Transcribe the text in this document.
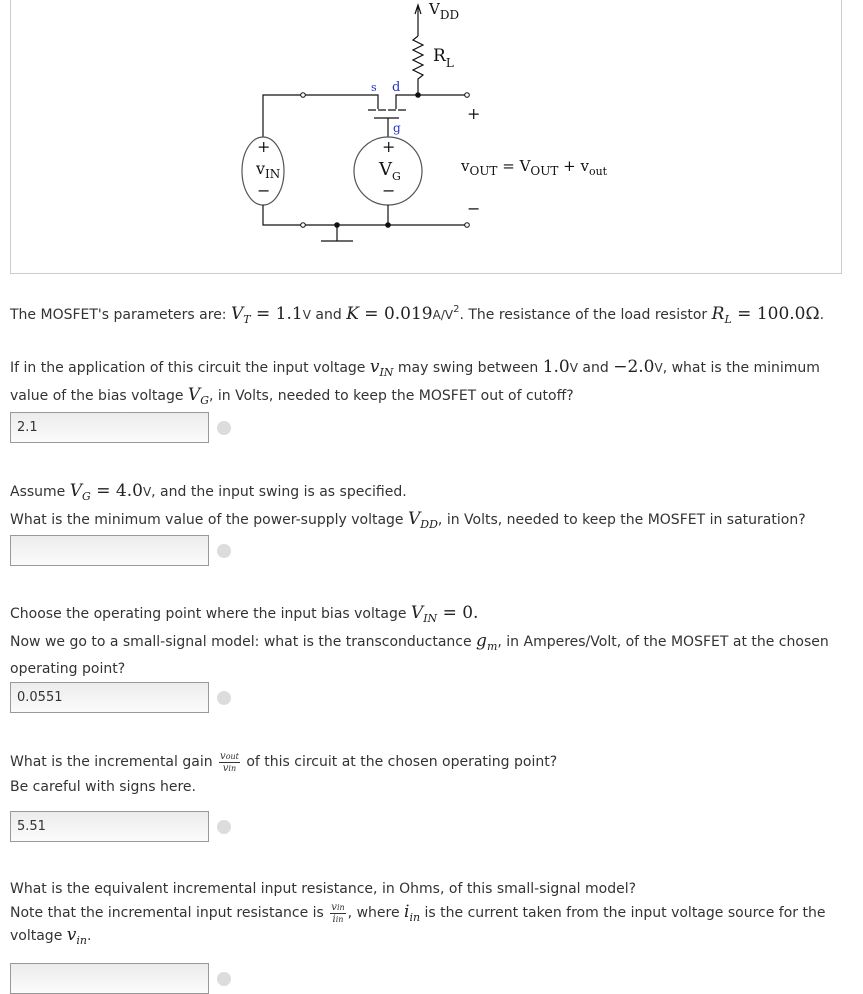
$V_{DD}$
$R_L$
s d
g
+
$v_{IN}$
−
+
$V_G$
−
+
−
$v_{OUT} = V_{OUT} + v_{out}$
The MOSFET's parameters are: $V_T = 1.1V$ and $K = 0.019A/V^2$. The resistance of the load resistor $R_L = 100.0\Omega$.
If in the application of this circuit the input voltage $v_{IN}$ may swing between 1.0V and −2.0V, what is the minimum
value of the bias voltage $V_G$, in Volts, needed to keep the MOSFET out of cutoff?
2.1
Assume $V_G = 4.0V$, and the input swing is as specified.
What is the minimum value of the power-supply voltage $V_{DD}$, in Volts, needed to keep the MOSFET in saturation?
Choose the operating point where the input bias voltage $V_{IN} = 0$.
Now we go to a small-signal model: what is the transconductance $g_m$, in Amperes/Volt, of the MOSFET at the chosen
operating point?
0.0551
What is the incremental gain $\frac{\text{vout}}{\text{vin}}$ of this circuit at the chosen operating point?
Be careful with signs here.
5.51
What is the equivalent incremental input resistance, in Ohms, of this small-signal model?
Note that the incremental input resistance is $\frac{\text{vin}}{\text{iin}}$ , where $i_{in}$ is the current taken from the input voltage source for the
voltage $v_{in}$.
